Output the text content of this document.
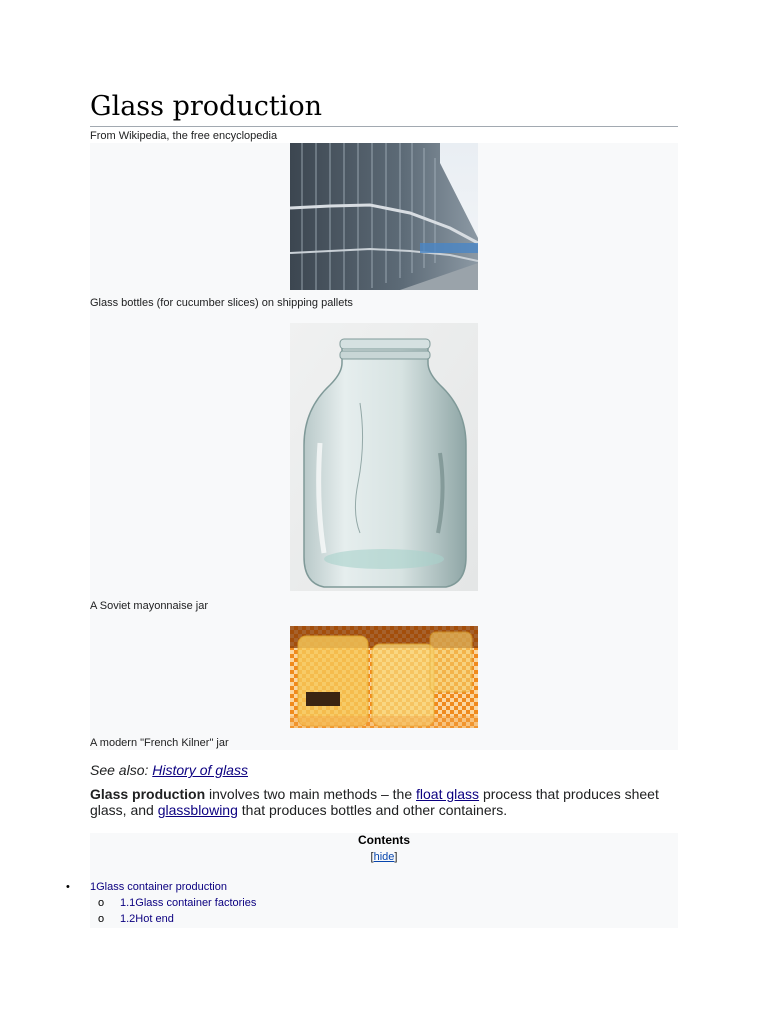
Glass production
From Wikipedia, the free encyclopedia
Glass bottles (for cucumber slices) on shipping pallets
A Soviet mayonnaise jar
A modern "French Kilner" jar
See also: History of glass
Glass production involves two main methods – the float glass process that produces sheet glass, and glassblowing that produces bottles and other containers.
Contents
[hide]
• 1Glass container production
o 1.1Glass container factories
o 1.2Hot end
